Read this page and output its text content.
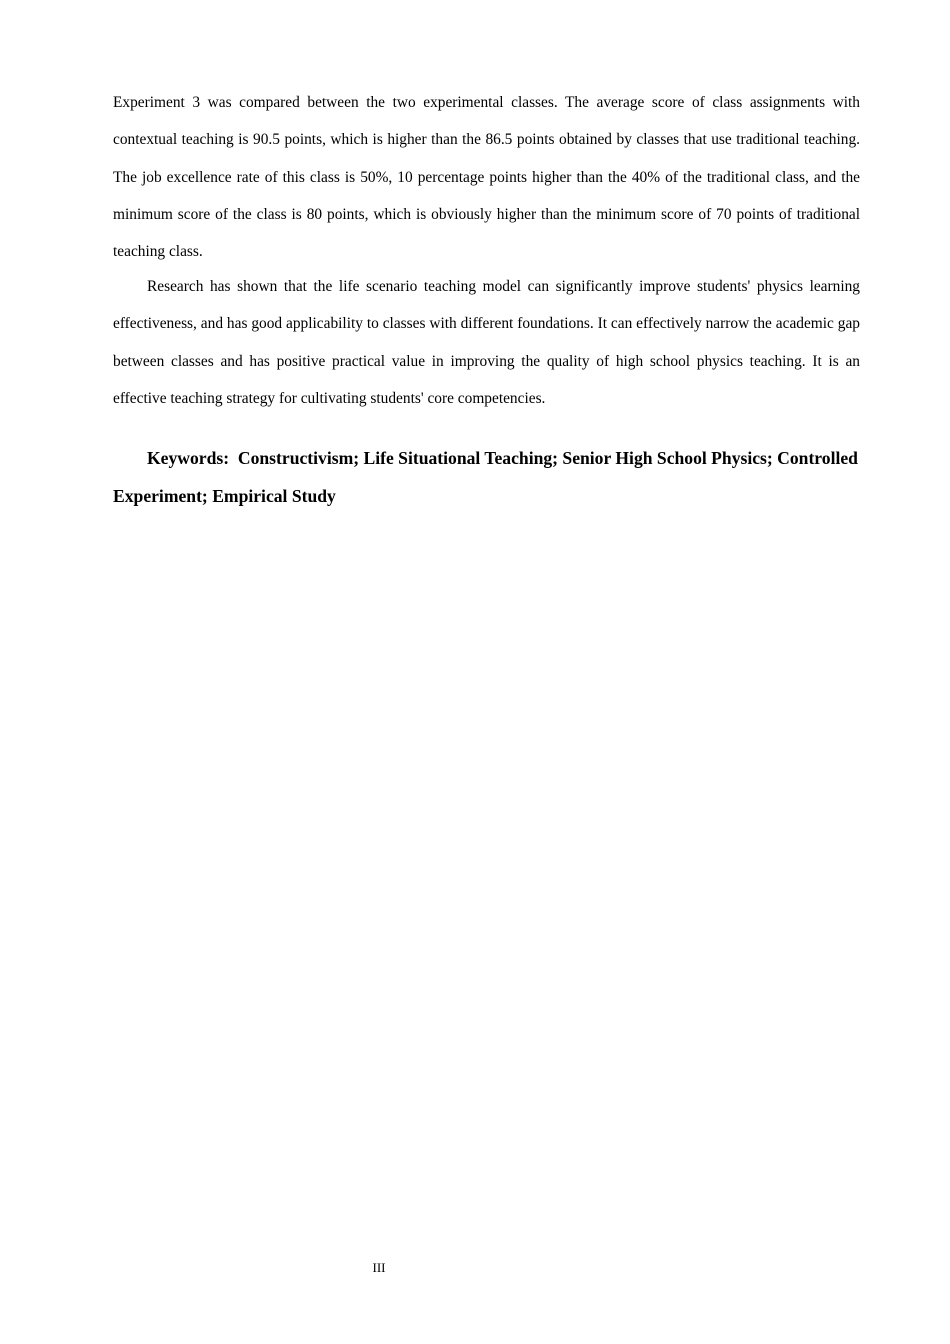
Experiment 3 was compared between the two experimental classes. The average score of class assignments with contextual teaching is 90.5 points, which is higher than the 86.5 points obtained by classes that use traditional teaching. The job excellence rate of this class is 50%, 10 percentage points higher than the 40% of the traditional class, and the minimum score of the class is 80 points, which is obviously higher than the minimum score of 70 points of traditional teaching class.

Research has shown that the life scenario teaching model can significantly improve students' physics learning effectiveness, and has good applicability to classes with different foundations. It can effectively narrow the academic gap between classes and has positive practical value in improving the quality of high school physics teaching. It is an effective teaching strategy for cultivating students' core competencies.

Keywords: Constructivism; Life Situational Teaching; Senior High School Physics; Controlled Experiment; Empirical Study

III
